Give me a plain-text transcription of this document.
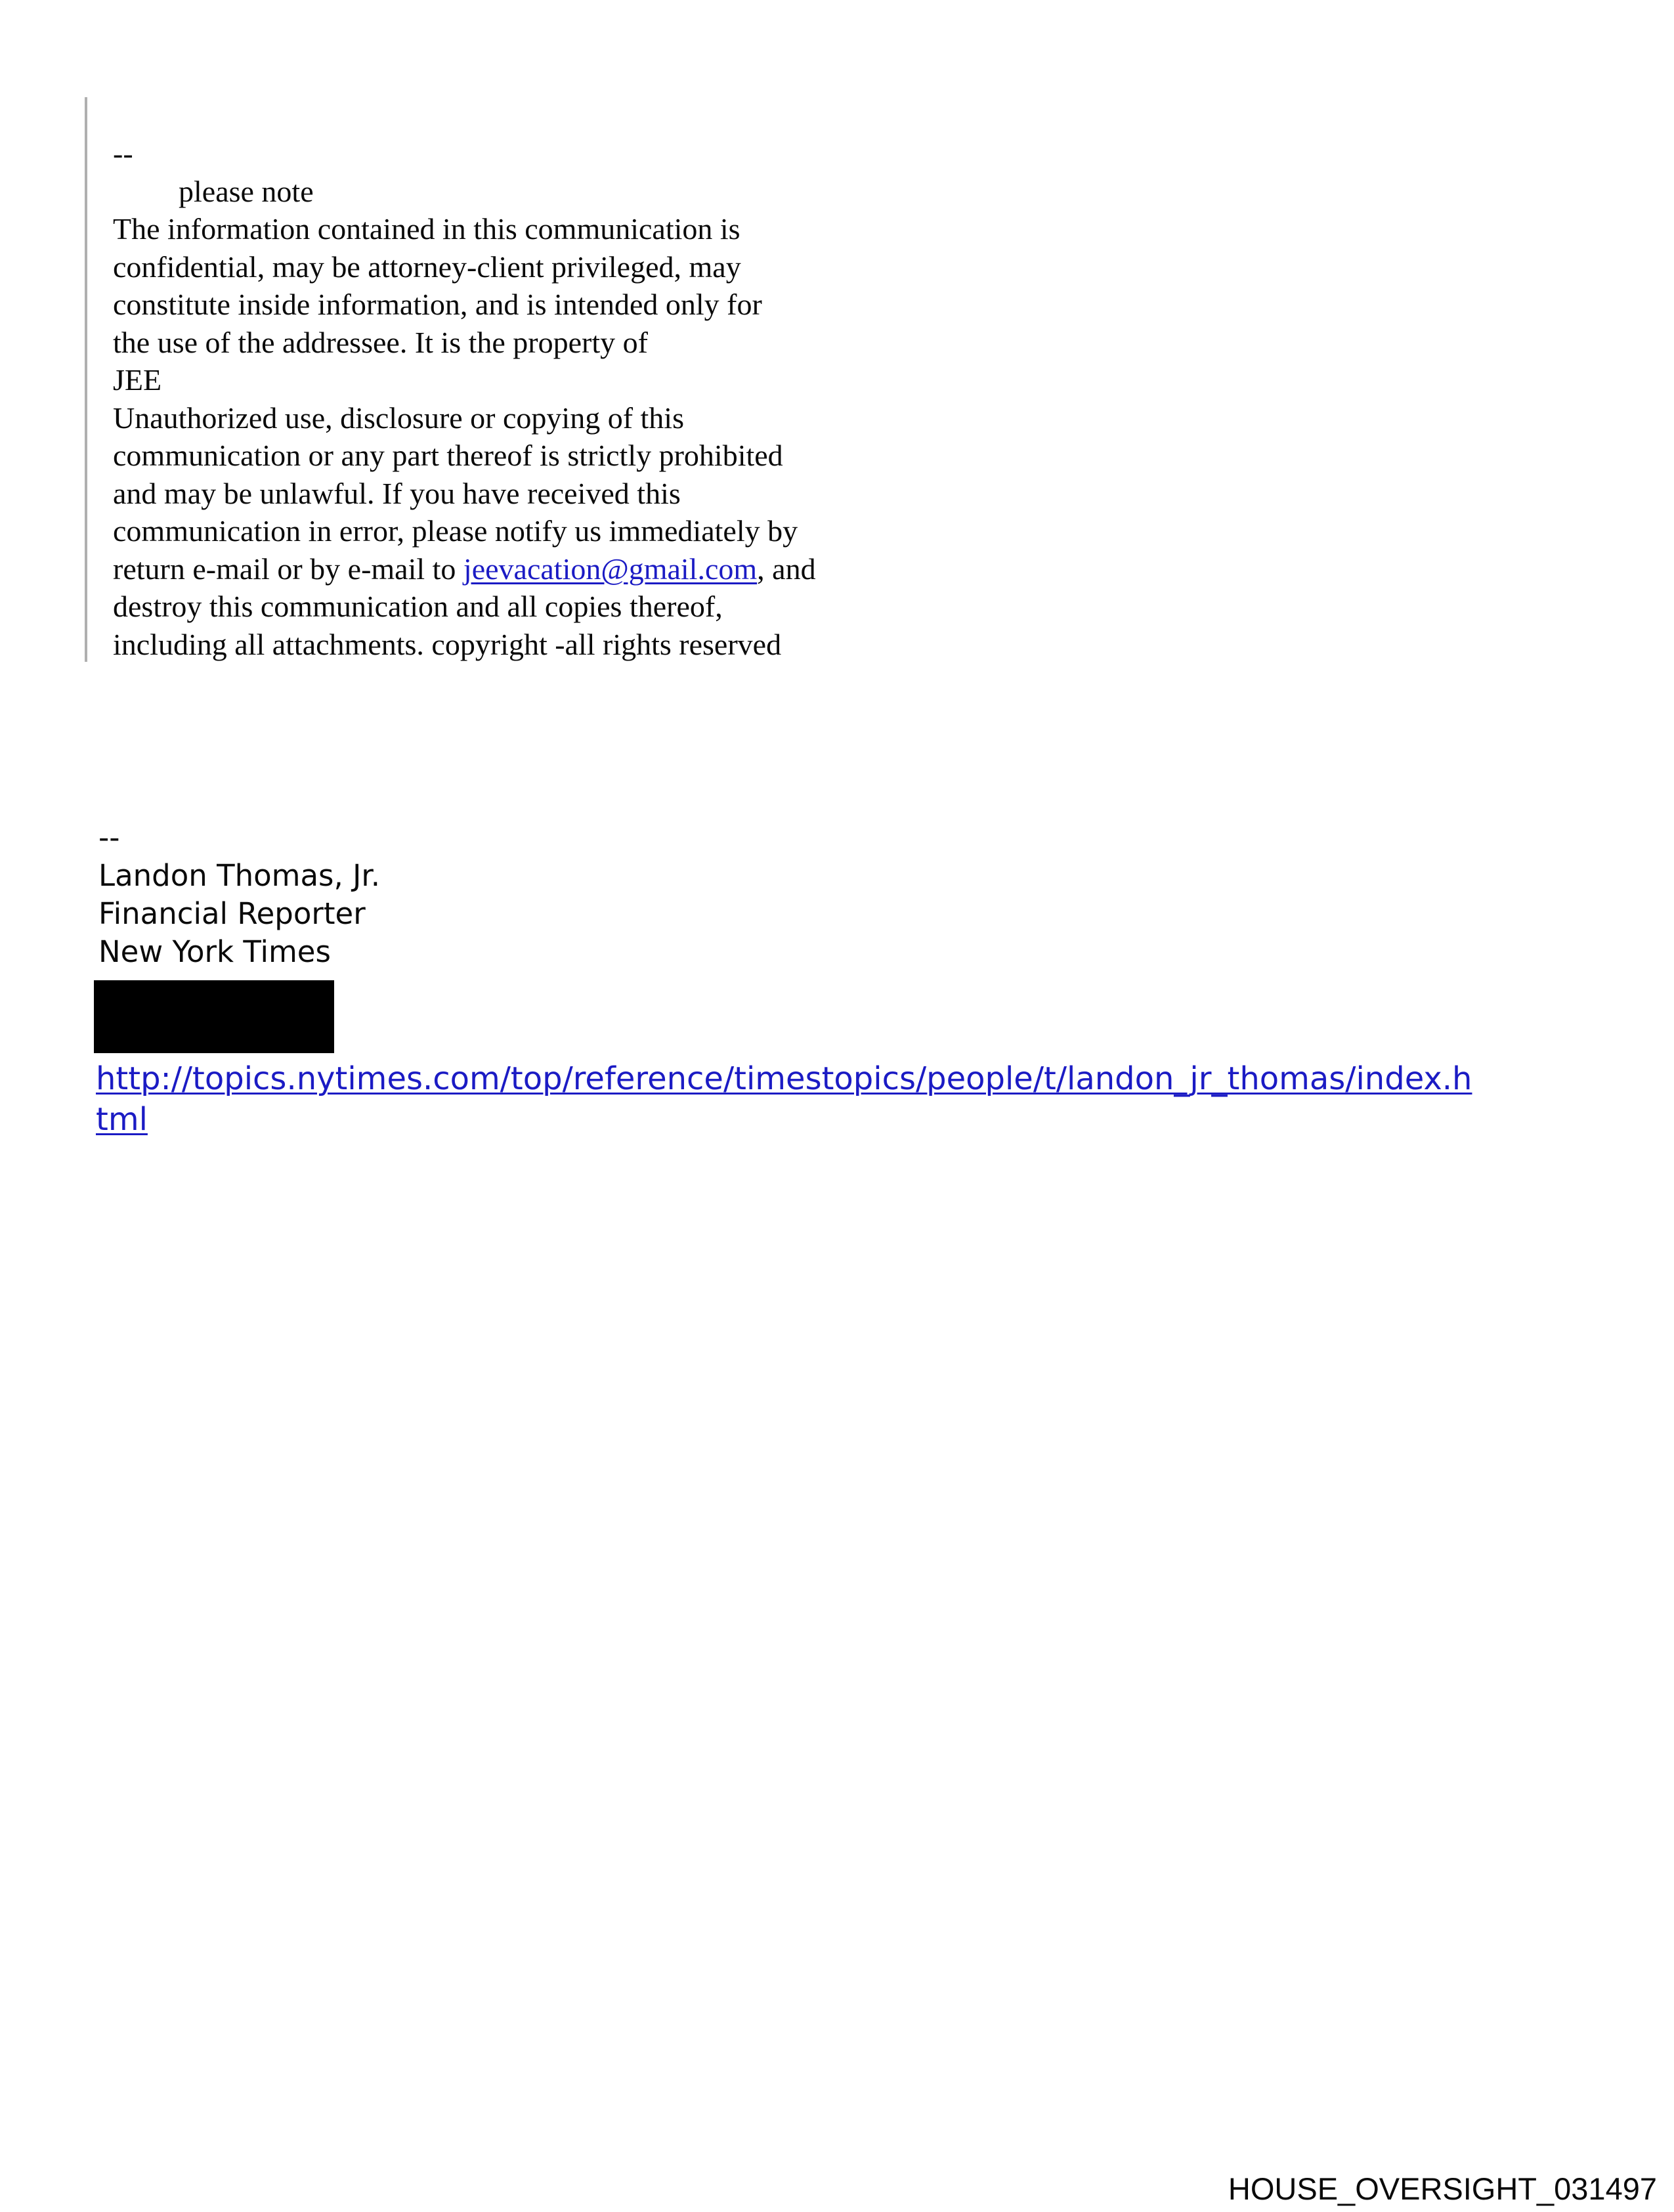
--
please note
The information contained in this communication is
confidential, may be attorney-client privileged, may
constitute inside information, and is intended only for
the use of the addressee. It is the property of
JEE
Unauthorized use, disclosure or copying of this
communication or any part thereof is strictly prohibited
and may be unlawful. If you have received this
communication in error, please notify us immediately by
return e-mail or by e-mail to jeevacation@gmail.com, and
destroy this communication and all copies thereof,
including all attachments. copyright -all rights reserved
--
Landon Thomas, Jr.
Financial Reporter
New York Times
http://topics.nytimes.com/top/reference/timestopics/people/t/landon_jr_thomas/index.h
tml
HOUSE_OVERSIGHT_031497
